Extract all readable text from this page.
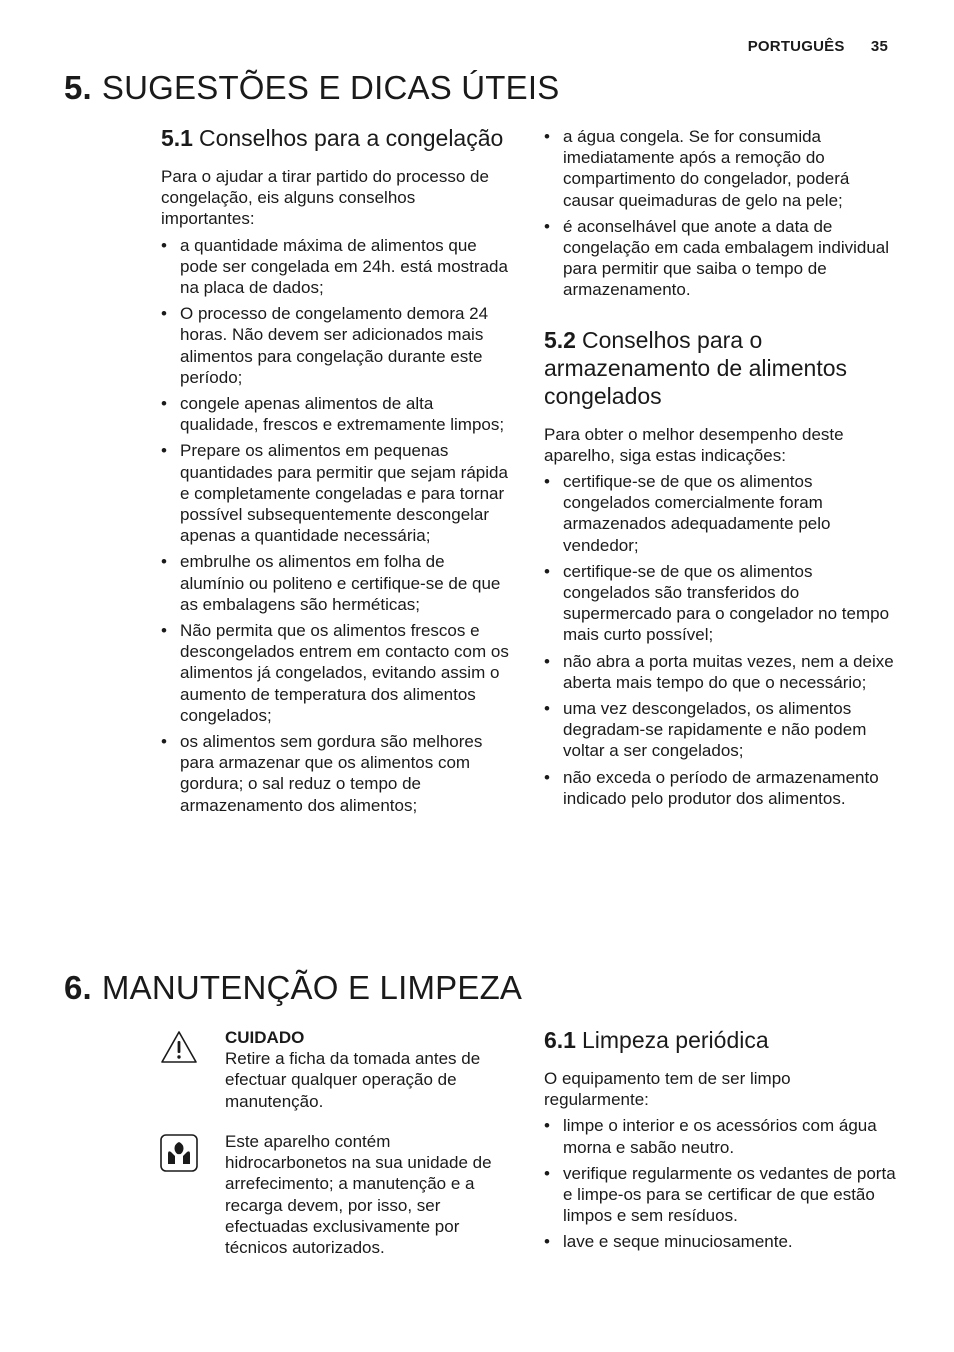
PORTUGUÊS 35
5. SUGESTÕES E DICAS ÚTEIS
5.1 Conselhos para a congelação

Para o ajudar a tirar partido do processo de congelação, eis alguns conselhos importantes:

• a quantidade máxima de alimentos que pode ser congelada em 24h. está mostrada na placa de dados;
• O processo de congelamento demora 24 horas. Não devem ser adicionados mais alimentos para congelação durante este período;
• congele apenas alimentos de alta qualidade, frescos e extremamente limpos;
• Prepare os alimentos em pequenas quantidades para permitir que sejam rápida e completamente congeladas e para tornar possível subsequentemente descongelar apenas a quantidade necessária;
• embrulhe os alimentos em folha de alumínio ou politeno e certifique-se de que as embalagens são herméticas;
• Não permita que os alimentos frescos e descongelados entrem em contacto com os alimentos já congelados, evitando assim o aumento de temperatura dos alimentos congelados;
• os alimentos sem gordura são melhores para armazenar que os alimentos com gordura; o sal reduz o tempo de armazenamento dos alimentos;
• a água congela. Se for consumida imediatamente após a remoção do compartimento do congelador, poderá causar queimaduras de gelo na pele;
• é aconselhável que anote a data de congelação em cada embalagem individual para permitir que saiba o tempo de armazenamento.
5.2 Conselhos para o armazenamento de alimentos congelados

Para obter o melhor desempenho deste aparelho, siga estas indicações:

• certifique-se de que os alimentos congelados comercialmente foram armazenados adequadamente pelo vendedor;
• certifique-se de que os alimentos congelados são transferidos do supermercado para o congelador no tempo mais curto possível;
• não abra a porta muitas vezes, nem a deixe aberta mais tempo do que o necessário;
• uma vez descongelados, os alimentos degradam-se rapidamente e não podem voltar a ser congelados;
• não exceda o período de armazenamento indicado pelo produtor dos alimentos.
6. MANUTENÇÃO E LIMPEZA
CUIDADO
Retire a ficha da tomada antes de efectuar qualquer operação de manutenção.
Este aparelho contém hidrocarbonetos na sua unidade de arrefecimento; a manutenção e a recarga devem, por isso, ser efectuadas exclusivamente por técnicos autorizados.
6.1 Limpeza periódica

O equipamento tem de ser limpo regularmente:

• limpe o interior e os acessórios com água morna e sabão neutro.
• verifique regularmente os vedantes de porta e limpe-os para se certificar de que estão limpos e sem resíduos.
• lave e seque minuciosamente.
